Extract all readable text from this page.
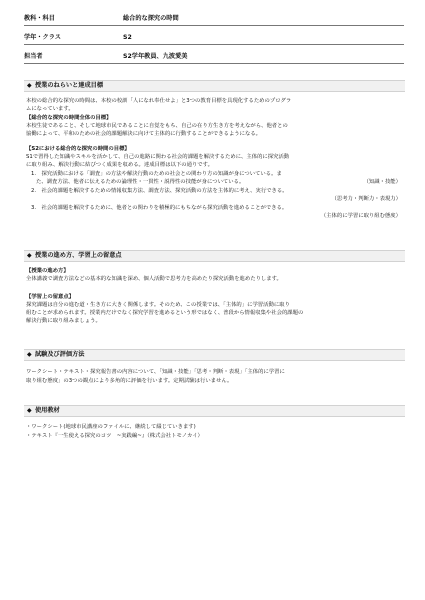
教科・科目	総合的な探究の時間
学年・クラス	S2
担当者	S2学年教員、九波愛美
◆ 授業のねらいと達成目標
本校の総合的な探究の時間は、本校の校訓「人になれ奉仕せよ」と3つの教育目標を具現化するためのプログラ
ムになっています。
【総合的な探究の時間全体の目標】
本校生徒であること、そして地球市民であることに自覚をもち、自己の在り方生き方を考えながら、他者との
協働によって、平和のための社会的課題解決に向けて主体的に行動することができるようになる。
【S2における総合的な探究の時間の目標】
S1で習得した知識やスキルを活かして、自己の進路に関わる社会的課題を解決するために、主体的に探究活動
に取り組み、解決行動に結びつく成果を収める。達成目標は以下の通りです。
1.　探究活動における「調査」の方法や解決行動のための社会との関わり方の知識が身についている。ま
た、調査方法、他者に伝えるための論理性・一貫性・説得性の技能が身についている。	（知識・技能）
2.　社会的課題を解決するための情報収集方法、調査方法、探究活動の方法を主体的に考え、実行できる。
（思考力・判断力・表現力）
3.　社会的課題を解決するために、他者との関わりを積極的にもちながら探究活動を進めることができる。
（主体的に学習に取り組む態度）
◆ 授業の進め方、学習上の留意点
【授業の進め方】
全体講義で調査方法などの基本的な知識を深め、個人活動で思考力を高めたり探究活動を進めたりします。
【学習上の留意点】
探究課題は自分の進む道・生き方に大きく関係します。そのため、この授業では、「主体的」に学習活動に取り
組むことが求められます。授業内だけでなく探究学習を進めるという形ではなく、普段から情報収集や社会的課題の
解決行動に取り組みましょう。
◆ 試験及び評価方法
ワークシート・テキスト・探究報告書の内容について、「知識・技能」「思考・判断・表現」「主体的に学習に
取り組む態度」の3つの観点により多角的に評価を行います。定期試験は行いません。
◆ 使用教材
・ワークシート(地球市民講座のファイルに、継続して綴じていきます)
・テキスト『一生使える探究のコツ　~実践編~』（株式会社トモノカイ）
